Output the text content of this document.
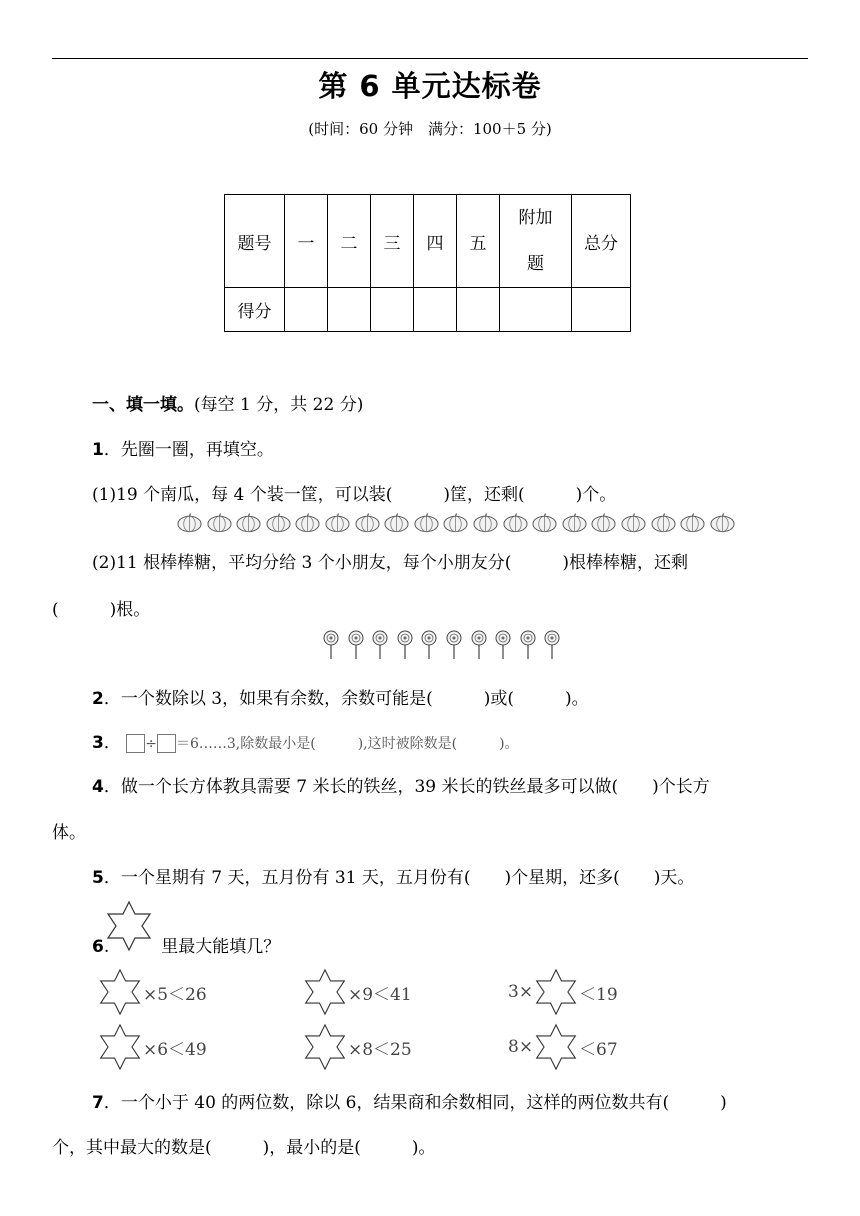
第 6 单元达标卷
(时间：60 分钟　满分：100＋5 分)
题号	一	二	三	四	五	附加题	总分
得分							
一、填一填。(每空 1 分，共 22 分)
1．先圈一圈，再填空。
(1)19 个南瓜，每 4 个装一筐，可以装(　　　)筐，还剩(　　　)个。
(2)11 根棒棒糖，平均分给 3 个小朋友，每个小朋友分(　　　)根棒棒糖，还剩
(　　　)根。
2．一个数除以 3，如果有余数，余数可能是(　　　)或(　　　)。
3． ÷ ＝6……3,除数最小是(　　　),这时被除数是(　　　)。
4．做一个长方体教具需要 7 米长的铁丝，39 米长的铁丝最多可以做(　　)个长方
体。
5．一个星期有 7 天，五月份有 31 天，五月份有(　　)个星期，还多(　　)天。
6.	里最大能填几？
×5＜26	×9＜41	3×	＜19
×6＜49	×8＜25	8×	＜67
7．一个小于 40 的两位数，除以 6，结果商和余数相同，这样的两位数共有(　　　)
个，其中最大的数是(　　　)，最小的是(　　　)。
